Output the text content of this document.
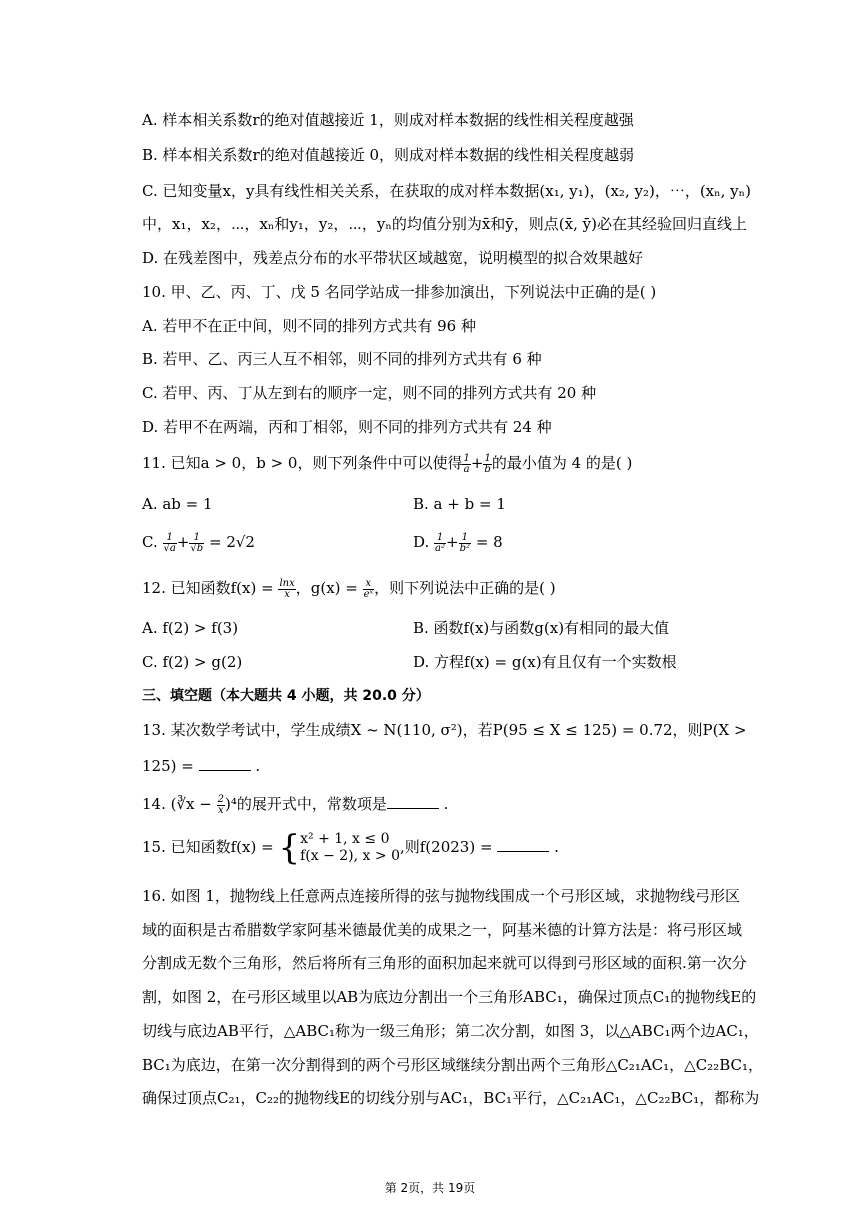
A. 样本相关系数r的绝对值越接近 1，则成对样本数据的线性相关程度越强
B. 样本相关系数r的绝对值越接近 0，则成对样本数据的线性相关程度越弱
C. 已知变量x，y具有线性相关关系，在获取的成对样本数据(x₁, y₁)，(x₂, y₂)，⋯，(xₙ, yₙ)
中，x₁，x₂，⋯，xₙ和y₁，y₂，⋯，yₙ的均值分别为x̄和ȳ，则点(x̄, ȳ)必在其经验回归直线上
D. 在残差图中，残差点分布的水平带状区域越宽，说明模型的拟合效果越好
10. 甲、乙、丙、丁、戊 5 名同学站成一排参加演出，下列说法中正确的是( )
A. 若甲不在正中间，则不同的排列方式共有 96 种
B. 若甲、乙、丙三人互不相邻，则不同的排列方式共有 6 种
C. 若甲、丙、丁从左到右的顺序一定，则不同的排列方式共有 20 种
D. 若甲不在两端，丙和丁相邻，则不同的排列方式共有 24 种
11. 已知a > 0，b > 0，则下列条件中可以使得 $\frac{1}{a} + \frac{1}{b}$ 的最小值为 4 的是( )
A. ab = 1	B. a + b = 1
C. $\frac{1}{√a} + \frac{1}{√b} = 2√2$	D. $\frac{1}{\text{a²}} + \frac{1}{\text{b²}} = 8$
12. 已知函数$f(x) = \frac{\ln x}{x}$ ，$g(x) = \frac{x}{\text{eˣ}}$ ，则下列说法中正确的是( )
A. f(2) > f(3)	B. 函数f(x)与函数g(x)有相同的最大值
C. f(2) > g(2)	D. 方程f(x) = g(x)有且仅有一个实数根
三、填空题（本大题共 4 小题，共 20.0 分）
13. 某次数学考试中，学生成绩X ~ N(110, σ²)，若P(95 ≤ X ≤ 125) = 0.72，则P(X >
125) =	.
14. (∛x − $\frac{2}{x} )^4$的展开式中，常数项是	.
15. 已知函数f(x) = { x² + 1, x ≤ 0
f(x − 2), x > 0 ,则f(2023) =	.
16. 如图 1，抛物线上任意两点连接所得的弦与抛物线围成一个弓形区域，求抛物线弓形区
域的面积是古希腊数学家阿基米德最优美的成果之一，阿基米德的计算方法是：将弓形区域
分割成无数个三角形，然后将所有三角形的面积加起来就可以得到弓形区域的面积.第一次分
割，如图 2，在弓形区域里以AB为底边分割出一个三角形ABC₁，确保过顶点C₁的抛物线E的
切线与底边AB平行，△ABC₁称为一级三角形；第二次分割，如图 3，以△ABC₁两个边AC₁，
BC₁为底边，在第一次分割得到的两个弓形区域继续分割出两个三角形△C₂₁AC₁，△C₂₂BC₁，
确保过顶点C₂₁，C₂₂的抛物线E的切线分别与AC₁，BC₁平行，△C₂₁AC₁，△C₂₂BC₁，都称为
第 2页，共 19页
